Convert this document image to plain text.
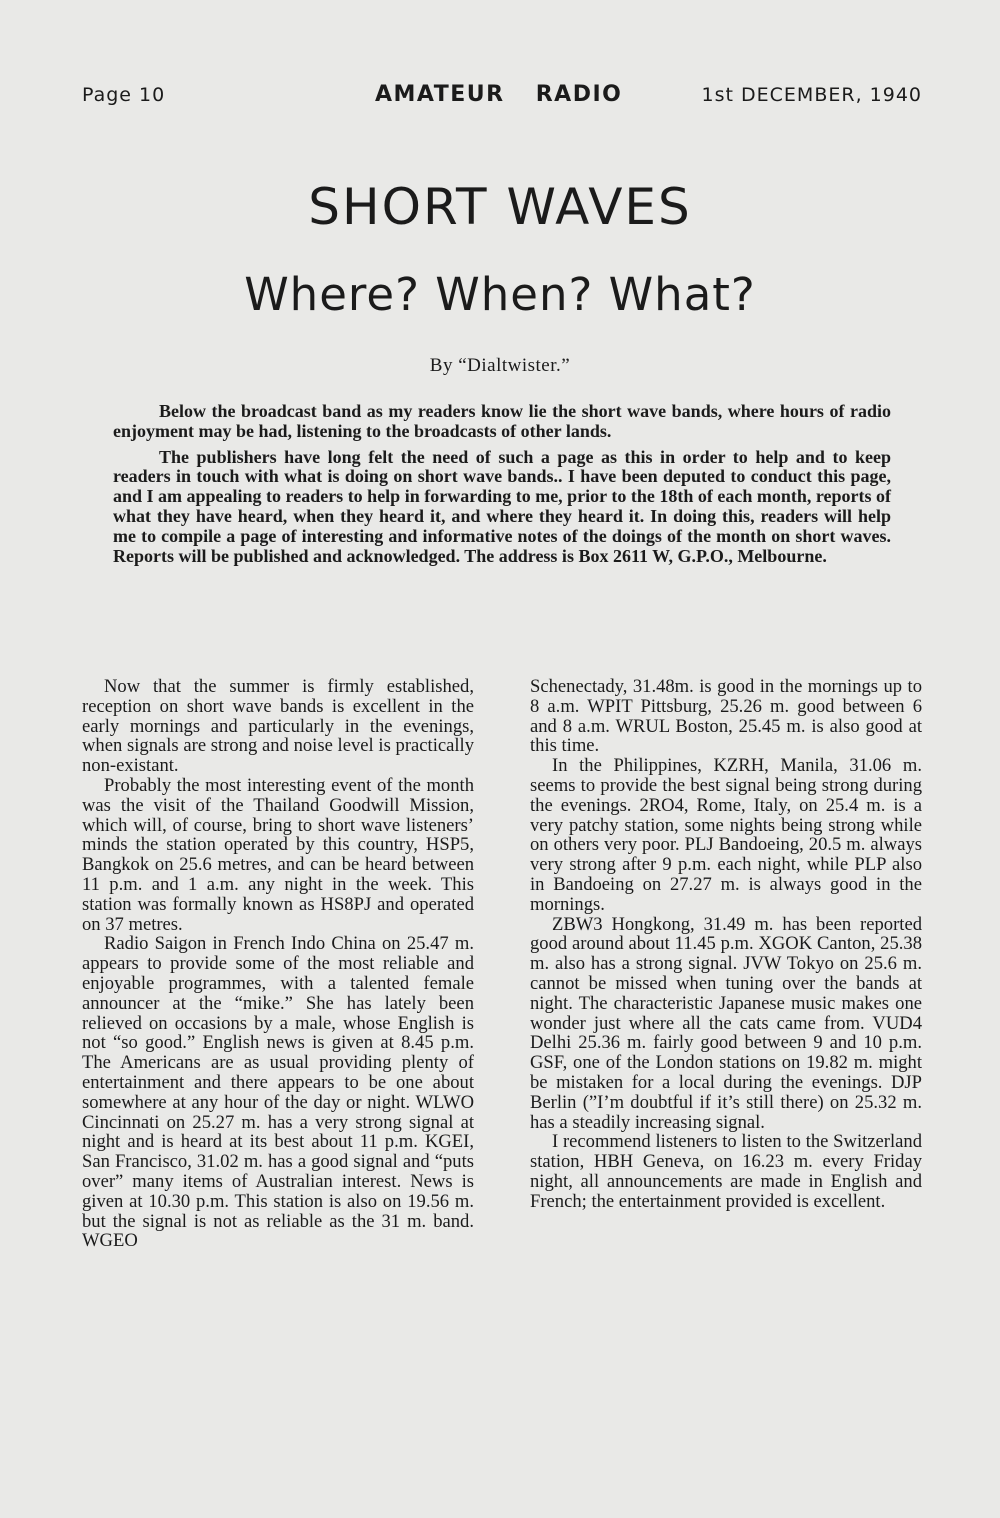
Page 10	AMATEUR RADIO	1st DECEMBER, 1940
SHORT WAVES
Where? When? What?
By “Dialtwister.”

Below the broadcast band as my readers know lie the short wave bands, where hours of radio enjoyment may be had, listening to the broadcasts of other lands.

The publishers have long felt the need of such a page as this in order to help and to keep readers in touch with what is doing on short wave bands.. I have been deputed to conduct this page, and I am appealing to readers to help in forwarding to me, prior to the 18th of each month, reports of what they have heard, when they heard it, and where they heard it. In doing this, readers will help me to compile a page of interesting and informative notes of the doings of the month on short waves. Reports will be published and acknowledged. The address is Box 2611 W, G.P.O., Melbourne.

Now that the summer is firmly established, reception on short wave bands is excellent in the early mornings and particularly in the evenings, when signals are strong and noise level is practically non-existant.

Probably the most interesting event of the month was the visit of the Thailand Goodwill Mission, which will, of course, bring to short wave listeners’ minds the station operated by this country, HSP5, Bangkok on 25.6 metres, and can be heard between 11 p.m. and 1 a.m. any night in the week. This station was formally known as HS8PJ and operated on 37 metres.

Radio Saigon in French Indo China on 25.47 m. appears to provide some of the most reliable and enjoyable programmes, with a talented female announcer at the “mike.” She has lately been relieved on occasions by a male, whose English is not “so good.” English news is given at 8.45 p.m. The Americans are as usual providing plenty of entertainment and there appears to be one about somewhere at any hour of the day or night. WLWO Cincinnati on 25.27 m. has a very strong signal at night and is heard at its best about 11 p.m. KGEI, San Francisco, 31.02 m. has a good signal and “puts over” many items of Australian interest. News is given at 10.30 p.m. This station is also on 19.56 m. but the signal is not as reliable as the 31 m. band. WGEO

Schenectady, 31.48m. is good in the mornings up to 8 a.m. WPIT Pittsburg, 25.26 m. good between 6 and 8 a.m. WRUL Boston, 25.45 m. is also good at this time.

In the Philippines, KZRH, Manila, 31.06 m. seems to provide the best signal being strong during the evenings. 2RO4, Rome, Italy, on 25.4 m. is a very patchy station, some nights being strong while on others very poor. PLJ Bandoeing, 20.5 m. always very strong after 9 p.m. each night, while PLP also in Bandoeing on 27.27 m. is always good in the mornings.

ZBW3 Hongkong, 31.49 m. has been reported good around about 11.45 p.m. XGOK Canton, 25.38 m. also has a strong signal. JVW Tokyo on 25.6 m. cannot be missed when tuning over the bands at night. The characteristic Japanese music makes one wonder just where all the cats came from. VUD4 Delhi 25.36 m. fairly good between 9 and 10 p.m. GSF, one of the London stations on 19.82 m. might be mistaken for a local during the evenings. DJP Berlin (”I’m doubtful if it’s still there) on 25.32 m. has a steadily increasing signal.

I recommend listeners to listen to the Switzerland station, HBH Geneva, on 16.23 m. every Friday night, all announcements are made in English and French; the entertainment provided is excellent.
